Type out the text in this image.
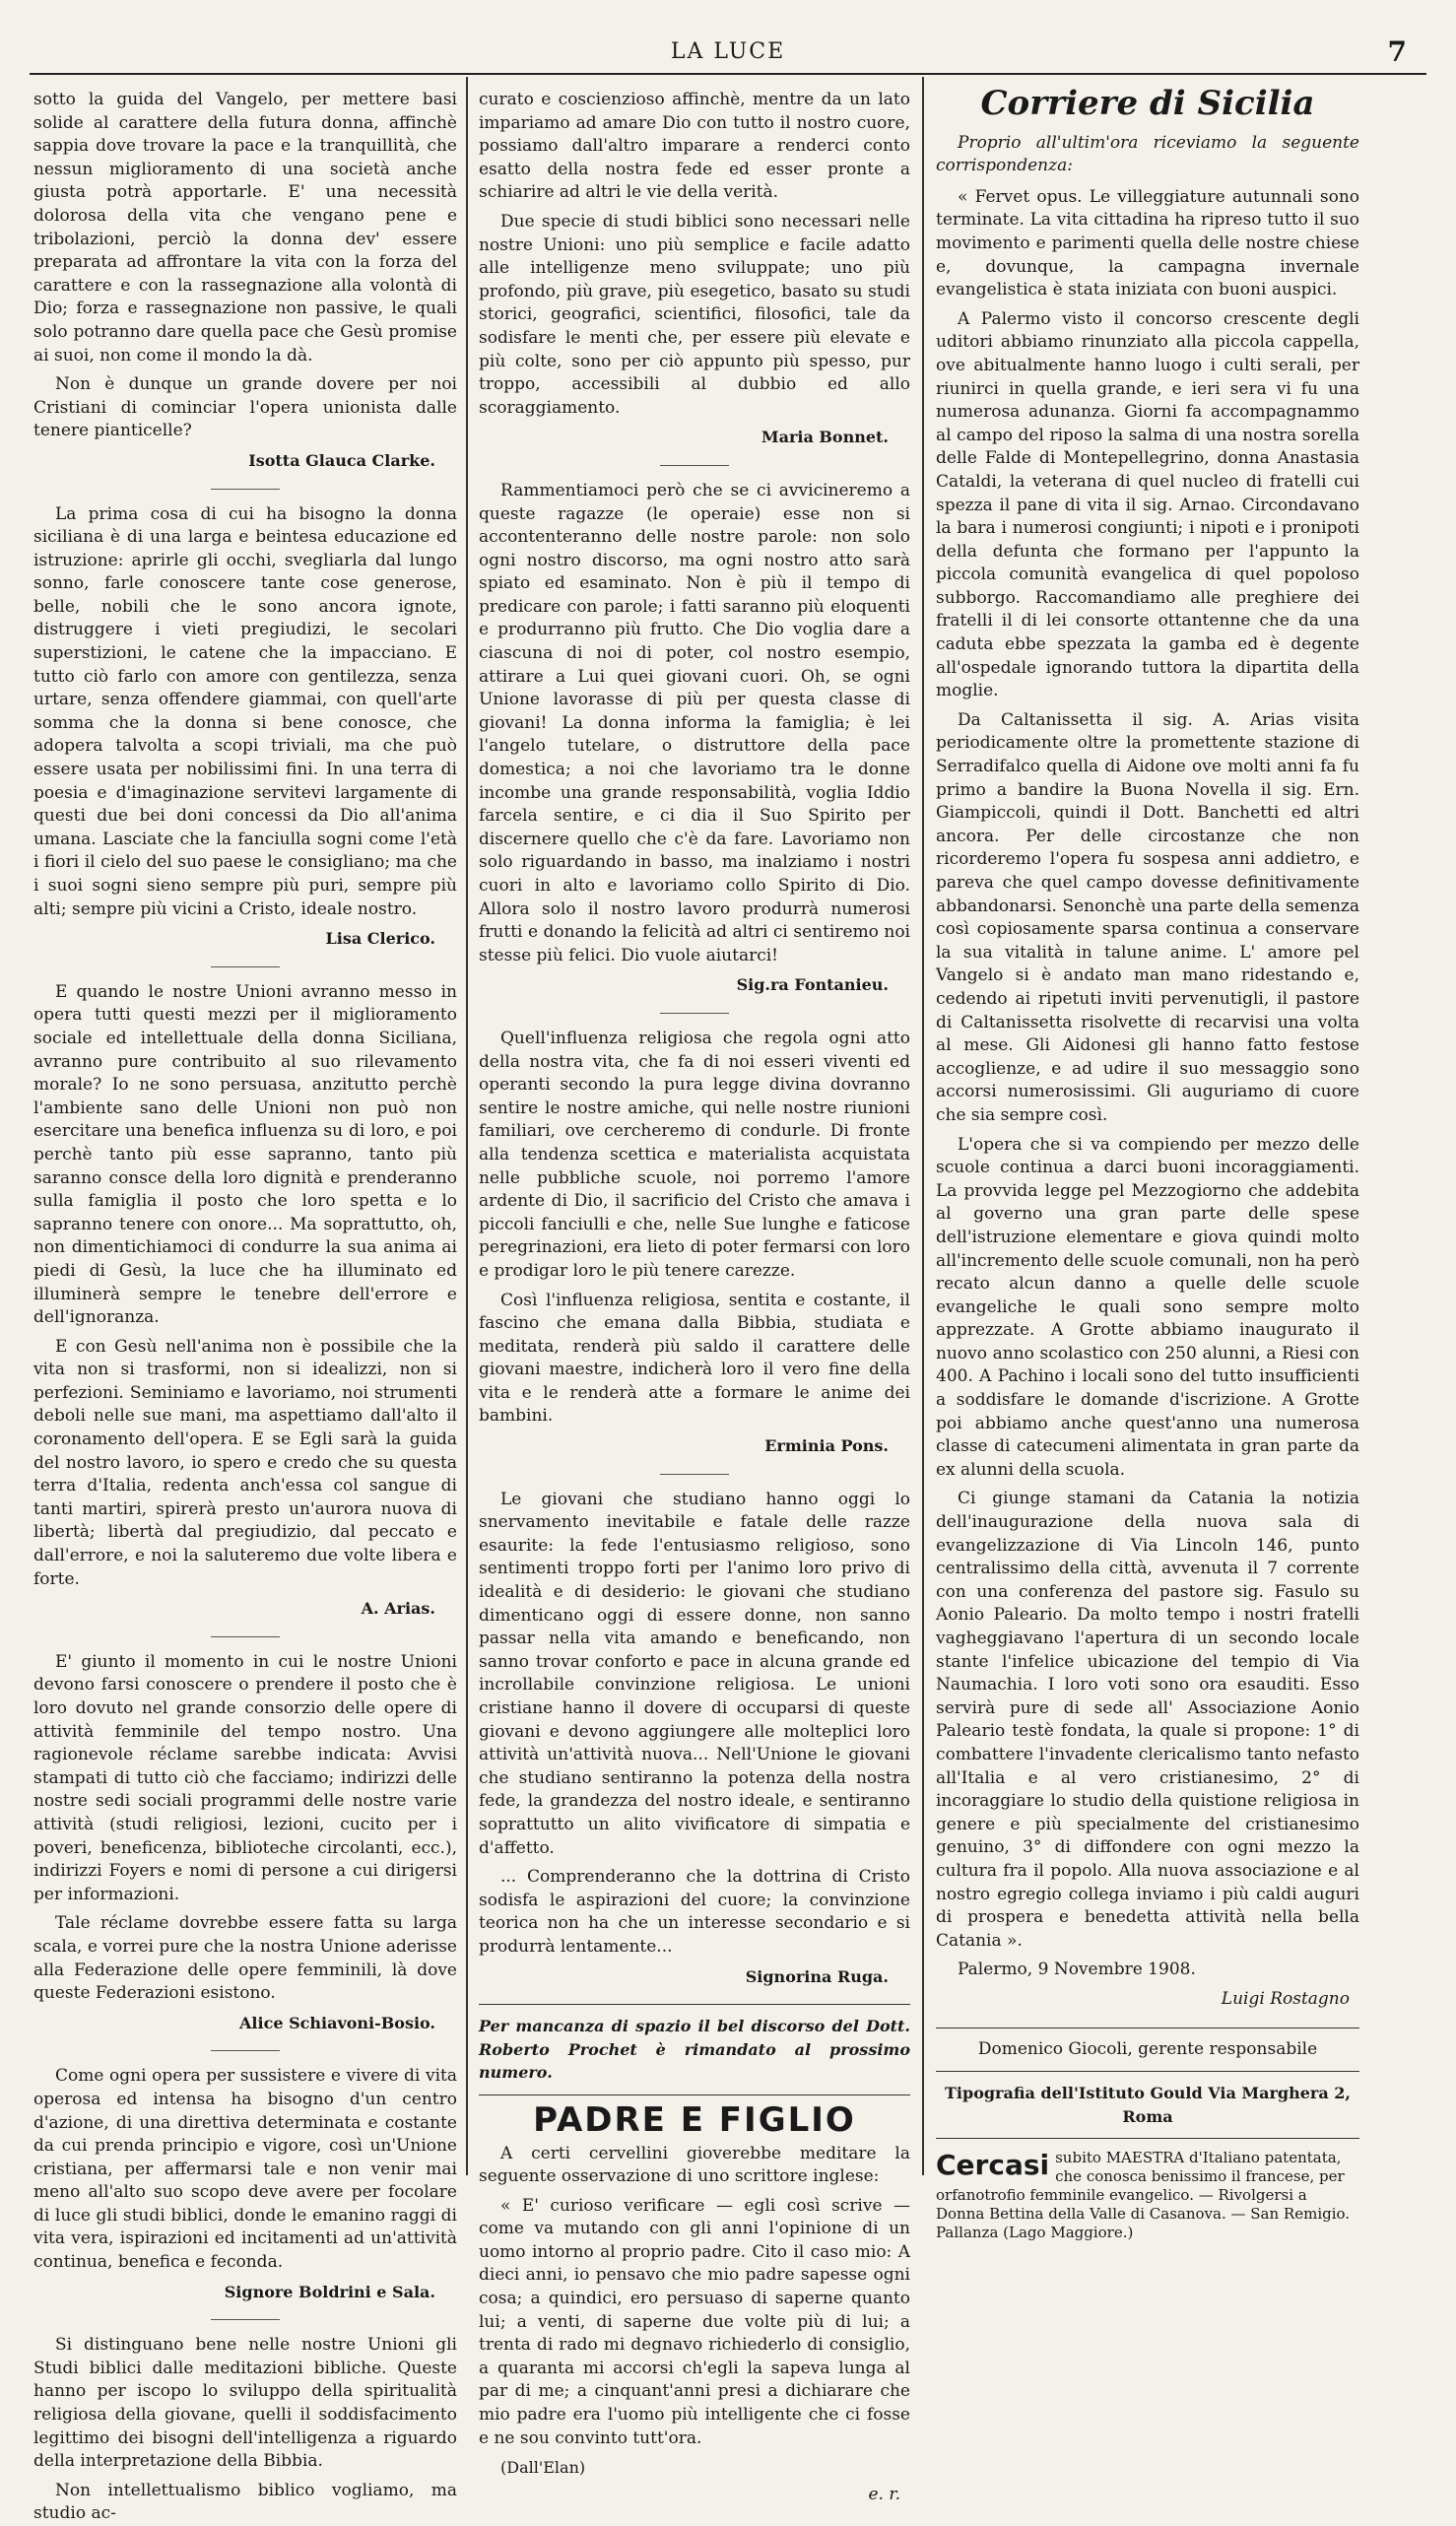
LA LUCE	7

sotto la guida del Vangelo, per mettere basi solide al carattere della futura donna, affinchè sappia dove trovare la pace e la tranquillità, che nessun miglioramento di una società anche giusta potrà apportarle. E' una necessità dolorosa della vita che vengano pene e tribolazioni, perciò la donna dev' essere preparata ad affrontare la vita con la forza del carattere e con la rassegnazione alla volontà di Dio; forza e rassegnazione non passive, le quali solo potranno dare quella pace che Gesù promise ai suoi, non come il mondo la dà.

Non è dunque un grande dovere per noi Cristiani di cominciar l'opera unionista dalle tenere pianticelle?

Isotta Glauca Clarke.

La prima cosa di cui ha bisogno la donna siciliana è di una larga e beintesa educazione ed istruzione: aprirle gli occhi, svegliarla dal lungo sonno, farle conoscere tante cose generose, belle, nobili che le sono ancora ignote, distruggere i vieti pregiudizi, le secolari superstizioni, le catene che la impacciano. E tutto ciò farlo con amore con gentilezza, senza urtare, senza offendere giammai, con quell'arte somma che la donna si bene conosce, che adopera talvolta a scopi triviali, ma che può essere usata per nobilissimi fini. In una terra di poesia e d'imaginazione servitevi largamente di questi due bei doni concessi da Dio all'anima umana. Lasciate che la fanciulla sogni come l'età i fiori il cielo del suo paese le consigliano; ma che i suoi sogni sieno sempre più puri, sempre più alti; sempre più vicini a Cristo, ideale nostro.

Lisa Clerico.

E quando le nostre Unioni avranno messo in opera tutti questi mezzi per il miglioramento sociale ed intellettuale della donna Siciliana, avranno pure contribuito al suo rilevamento morale? Io ne sono persuasa, anzitutto perchè l'ambiente sano delle Unioni non può non esercitare una benefica influenza su di loro, e poi perchè tanto più esse sapranno, tanto più saranno consce della loro dignità e prenderanno sulla famiglia il posto che loro spetta e lo sapranno tenere con onore... Ma soprattutto, oh, non dimentichiamoci di condurre la sua anima ai piedi di Gesù, la luce che ha illuminato ed illuminerà sempre le tenebre dell'errore e dell'ignoranza.

E con Gesù nell'anima non è possibile che la vita non si trasformi, non si idealizzi, non si perfezioni. Seminiamo e lavoriamo, noi strumenti deboli nelle sue mani, ma aspettiamo dall'alto il coronamento dell'opera. E se Egli sarà la guida del nostro lavoro, io spero e credo che su questa terra d'Italia, redenta anch'essa col sangue di tanti martiri, spirerà presto un'aurora nuova di libertà; libertà dal pregiudizio, dal peccato e dall'errore, e noi la saluteremo due volte libera e forte.

A. Arias.

E' giunto il momento in cui le nostre Unioni devono farsi conoscere o prendere il posto che è loro dovuto nel grande consorzio delle opere di attività femminile del tempo nostro. Una ragionevole réclame sarebbe indicata: Avvisi stampati di tutto ciò che facciamo; indirizzi delle nostre sedi sociali programmi delle nostre varie attività (studi religiosi, lezioni, cucito per i poveri, beneficenza, biblioteche circolanti, ecc.), indirizzi Foyers e nomi di persone a cui dirigersi per informazioni.

Tale réclame dovrebbe essere fatta su larga scala, e vorrei pure che la nostra Unione aderisse alla Federazione delle opere femminili, là dove queste Federazioni esistono.

Alice Schiavoni-Bosio.

Come ogni opera per sussistere e vivere di vita operosa ed intensa ha bisogno d'un centro d'azione, di una direttiva determinata e costante da cui prenda principio e vigore, così un'Unione cristiana, per affermarsi tale e non venir mai meno all'alto suo scopo deve avere per focolare di luce gli studi biblici, donde le emanino raggi di vita vera, ispirazioni ed incitamenti ad un'attività continua, benefica e feconda.

Signore Boldrini e Sala.

Si distinguano bene nelle nostre Unioni gli Studi biblici dalle meditazioni bibliche. Queste hanno per iscopo lo sviluppo della spiritualità religiosa della giovane, quelli il soddisfacimento legittimo dei bisogni dell'intelligenza a riguardo della interpretazione della Bibbia.

Non intellettualismo biblico vogliamo, ma studio ac-

curato e coscienzioso affinchè, mentre da un lato impariamo ad amare Dio con tutto il nostro cuore, possiamo dall'altro imparare a renderci conto esatto della nostra fede ed esser pronte a schiarire ad altri le vie della verità.

Due specie di studi biblici sono necessari nelle nostre Unioni: uno più semplice e facile adatto alle intelligenze meno sviluppate; uno più profondo, più grave, più esegetico, basato su studi storici, geografici, scientifici, filosofici, tale da sodisfare le menti che, per essere più elevate e più colte, sono per ciò appunto più spesso, pur troppo, accessibili al dubbio ed allo scoraggiamento.

Maria Bonnet.

Rammentiamoci però che se ci avvicineremo a queste ragazze (le operaie) esse non si accontenteranno delle nostre parole: non solo ogni nostro discorso, ma ogni nostro atto sarà spiato ed esaminato. Non è più il tempo di predicare con parole; i fatti saranno più eloquenti e produrranno più frutto. Che Dio voglia dare a ciascuna di noi di poter, col nostro esempio, attirare a Lui quei giovani cuori. Oh, se ogni Unione lavorasse di più per questa classe di giovani! La donna informa la famiglia; è lei l'angelo tutelare, o distruttore della pace domestica; a noi che lavoriamo tra le donne incombe una grande responsabilità, voglia Iddio farcela sentire, e ci dia il Suo Spirito per discernere quello che c'è da fare. Lavoriamo non solo riguardando in basso, ma inalziamo i nostri cuori in alto e lavoriamo collo Spirito di Dio. Allora solo il nostro lavoro produrrà numerosi frutti e donando la felicità ad altri ci sentiremo noi stesse più felici. Dio vuole aiutarci!

Sig.ra Fontanieu.

Quell'influenza religiosa che regola ogni atto della nostra vita, che fa di noi esseri viventi ed operanti secondo la pura legge divina dovranno sentire le nostre amiche, qui nelle nostre riunioni familiari, ove cercheremo di condurle. Di fronte alla tendenza scettica e materialista acquistata nelle pubbliche scuole, noi porremo l'amore ardente di Dio, il sacrificio del Cristo che amava i piccoli fanciulli e che, nelle Sue lunghe e faticose peregrinazioni, era lieto di poter fermarsi con loro e prodigar loro le più tenere carezze.

Così l'influenza religiosa, sentita e costante, il fascino che emana dalla Bibbia, studiata e meditata, renderà più saldo il carattere delle giovani maestre, indicherà loro il vero fine della vita e le renderà atte a formare le anime dei bambini.

Erminia Pons.

Le giovani che studiano hanno oggi lo snervamento inevitabile e fatale delle razze esaurite: la fede l'entusiasmo religioso, sono sentimenti troppo forti per l'animo loro privo di idealità e di desiderio: le giovani che studiano dimenticano oggi di essere donne, non sanno passar nella vita amando e beneficando, non sanno trovar conforto e pace in alcuna grande ed incrollabile convinzione religiosa. Le unioni cristiane hanno il dovere di occuparsi di queste giovani e devono aggiungere alle molteplici loro attività un'attività nuova... Nell'Unione le giovani che studiano sentiranno la potenza della nostra fede, la grandezza del nostro ideale, e sentiranno soprattutto un alito vivificatore di simpatia e d'affetto.

... Comprenderanno che la dottrina di Cristo sodisfa le aspirazioni del cuore; la convinzione teorica non ha che un interesse secondario e si produrrà lentamente...

Signorina Ruga.
Per mancanza di spazio il bel discorso del Dott. Roberto Prochet è rimandato al prossimo numero.
PADRE E FIGLIO

A certi cervellini gioverebbe meditare la seguente osservazione di uno scrittore inglese:

« E' curioso verificare — egli così scrive — come va mutando con gli anni l'opinione di un uomo intorno al proprio padre. Cito il caso mio: A dieci anni, io pensavo che mio padre sapesse ogni cosa; a quindici, ero persuaso di saperne quanto lui; a venti, di saperne due volte più di lui; a trenta di rado mi degnavo richiederlo di consiglio, a quaranta mi accorsi ch'egli la sapeva lunga al par di me; a cinquant'anni presi a dichiarare che mio padre era l'uomo più intelligente che ci fosse e ne sou convinto tutt'ora.

(Dall'Elan)
e. r.
Corriere di Sicilia
Proprio all'ultim'ora riceviamo la seguente corrispondenza:

« Fervet opus. Le villeggiature autunnali sono terminate. La vita cittadina ha ripreso tutto il suo movimento e parimenti quella delle nostre chiese e, dovunque, la campagna invernale evangelistica è stata iniziata con buoni auspici.

A Palermo visto il concorso crescente degli uditori abbiamo rinunziato alla piccola cappella, ove abitualmente hanno luogo i culti serali, per riunirci in quella grande, e ieri sera vi fu una numerosa adunanza. Giorni fa accompagnammo al campo del riposo la salma di una nostra sorella delle Falde di Montepellegrino, donna Anastasia Cataldi, la veterana di quel nucleo di fratelli cui spezza il pane di vita il sig. Arnao. Circondavano la bara i numerosi congiunti; i nipoti e i pronipoti della defunta che formano per l'appunto la piccola comunità evangelica di quel popoloso subborgo. Raccomandiamo alle preghiere dei fratelli il di lei consorte ottantenne che da una caduta ebbe spezzata la gamba ed è degente all'ospedale ignorando tuttora la dipartita della moglie.

Da Caltanissetta il sig. A. Arias visita periodicamente oltre la promettente stazione di Serradifalco quella di Aidone ove molti anni fa fu primo a bandire la Buona Novella il sig. Ern. Giampiccoli, quindi il Dott. Banchetti ed altri ancora. Per delle circostanze che non ricorderemo l'opera fu sospesa anni addietro, e pareva che quel campo dovesse definitivamente abbandonarsi. Senonchè una parte della semenza così copiosamente sparsa continua a conservare la sua vitalità in talune anime. L' amore pel Vangelo si è andato man mano ridestando e, cedendo ai ripetuti inviti pervenutigli, il pastore di Caltanissetta risolvette di recarvisi una volta al mese. Gli Aidonesi gli hanno fatto festose accoglienze, e ad udire il suo messaggio sono accorsi numerosissimi. Gli auguriamo di cuore che sia sempre così.

L'opera che si va compiendo per mezzo delle scuole continua a darci buoni incoraggiamenti. La provvida legge pel Mezzogiorno che addebita al governo una gran parte delle spese dell'istruzione elementare e giova quindi molto all'incremento delle scuole comunali, non ha però recato alcun danno a quelle delle scuole evangeliche le quali sono sempre molto apprezzate. A Grotte abbiamo inaugurato il nuovo anno scolastico con 250 alunni, a Riesi con 400. A Pachino i locali sono del tutto insufficienti a soddisfare le domande d'iscrizione. A Grotte poi abbiamo anche quest'anno una numerosa classe di catecumeni alimentata in gran parte da ex alunni della scuola.

Ci giunge stamani da Catania la notizia dell'inaugurazione della nuova sala di evangelizzazione di Via Lincoln 146, punto centralissimo della città, avvenuta il 7 corrente con una conferenza del pastore sig. Fasulo su Aonio Paleario. Da molto tempo i nostri fratelli vagheggiavano l'apertura di un secondo locale stante l'infelice ubicazione del tempio di Via Naumachia. I loro voti sono ora esauditi. Esso servirà pure di sede all' Associazione Aonio Paleario testè fondata, la quale si propone: 1° di combattere l'invadente clericalismo tanto nefasto all'Italia e al vero cristianesimo, 2° di incoraggiare lo studio della quistione religiosa in genere e più specialmente del cristianesimo genuino, 3° di diffondere con ogni mezzo la cultura fra il popolo. Alla nuova associazione e al nostro egregio collega inviamo i più caldi auguri di prospera e benedetta attività nella bella Catania ».

Palermo, 9 Novembre 1908.
Luigi Rostagno
Domenico Giocoli, gerente responsabile
Tipografia dell'Istituto Gould Via Marghera 2, Roma
Cercasi subito MAESTRA d'Italiano patentata, che conosca benissimo il francese, per orfanotrofio femminile evangelico. — Rivolgersi a Donna Bettina della Valle di Casanova. — San Remigio. Pallanza (Lago Maggiore.)
